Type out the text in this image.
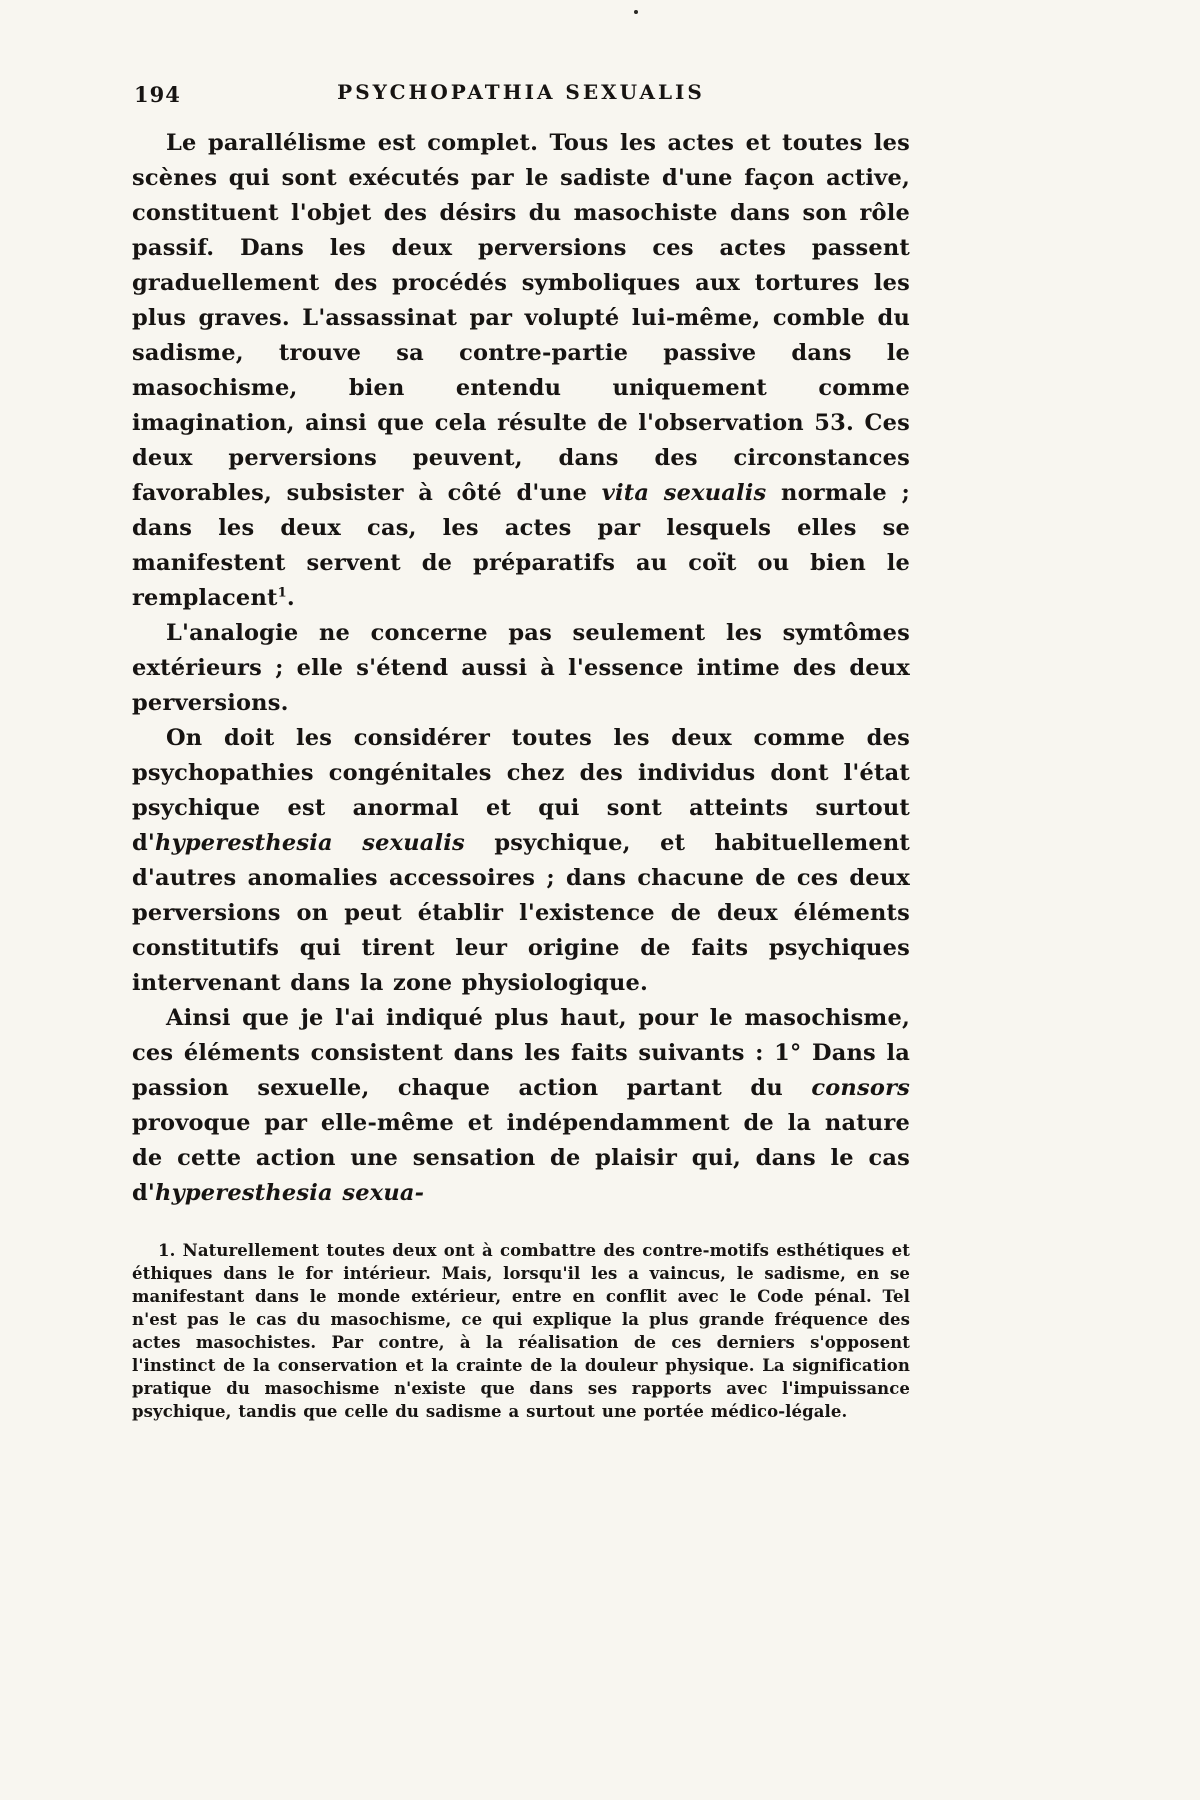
194	PSYCHOPATHIA SEXUALIS

Le parallélisme est complet. Tous les actes et toutes les scènes qui sont exécutés par le sadiste d'une façon active, constituent l'objet des désirs du masochiste dans son rôle passif. Dans les deux perversions ces actes passent graduellement des procédés symboliques aux tortures les plus graves. L'assassinat par volupté lui-même, comble du sadisme, trouve sa contre-partie passive dans le masochisme, bien entendu uniquement comme imagination, ainsi que cela résulte de l'observation 53. Ces deux perversions peuvent, dans des circonstances favorables, subsister à côté d'une vita sexualis normale ; dans les deux cas, les actes par lesquels elles se manifestent servent de préparatifs au coït ou bien le remplacent$^1$.

L'analogie ne concerne pas seulement les symtômes extérieurs ; elle s'étend aussi à l'essence intime des deux perversions.

On doit les considérer toutes les deux comme des psychopathies congénitales chez des individus dont l'état psychique est anormal et qui sont atteints surtout d'hyperesthesia sexualis psychique, et habituellement d'autres anomalies accessoires ; dans chacune de ces deux perversions on peut établir l'existence de deux éléments constitutifs qui tirent leur origine de faits psychiques intervenant dans la zone physiologique.

Ainsi que je l'ai indiqué plus haut, pour le masochisme, ces éléments consistent dans les faits suivants : 1° Dans la passion sexuelle, chaque action partant du consors provoque par elle-même et indépendamment de la nature de cette action une sensation de plaisir qui, dans le cas d'hyperesthesia sexua-

1. Naturellement toutes deux ont à combattre des contre-motifs esthétiques et éthiques dans le for intérieur. Mais, lorsqu'il les a vaincus, le sadisme, en se manifestant dans le monde extérieur, entre en conflit avec le Code pénal. Tel n'est pas le cas du masochisme, ce qui explique la plus grande fréquence des actes masochistes. Par contre, à la réalisation de ces derniers s'opposent l'instinct de la conservation et la crainte de la douleur physique. La signification pratique du masochisme n'existe que dans ses rapports avec l'impuissance psychique, tandis que celle du sadisme a surtout une portée médico-légale.
